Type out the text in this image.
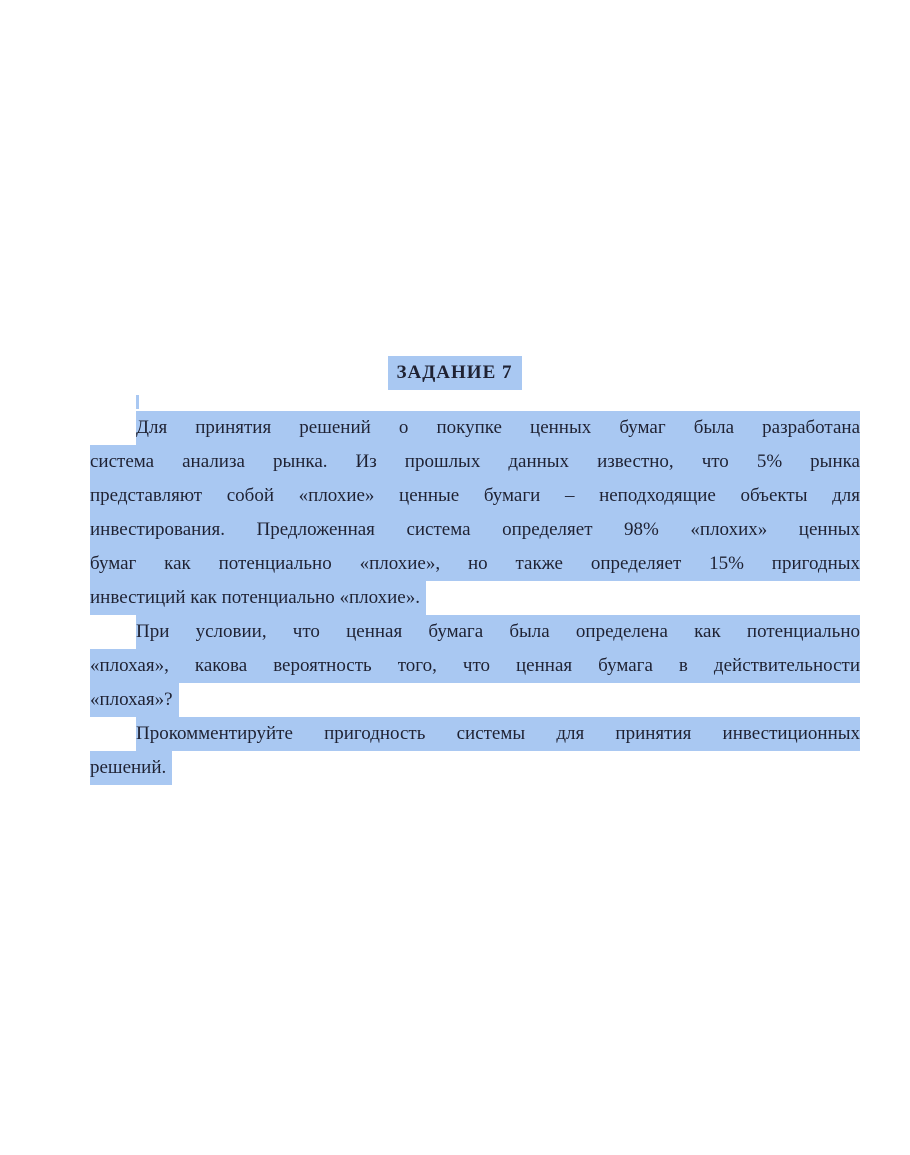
ЗАДАНИЕ 7
Для принятия решений о покупке ценных бумаг была разработана
система анализа рынка. Из прошлых данных известно, что 5% рынка
представляют собой «плохие» ценные бумаги – неподходящие объекты для
инвестирования. Предложенная система определяет 98% «плохих» ценных
бумаг как потенциально «плохие», но также определяет 15% пригодных
инвестиций как потенциально «плохие».
При условии, что ценная бумага была определена как потенциально
«плохая», какова вероятность того, что ценная бумага в действительности
«плохая»?
Прокомментируйте пригодность системы для принятия инвестиционных
решений.
